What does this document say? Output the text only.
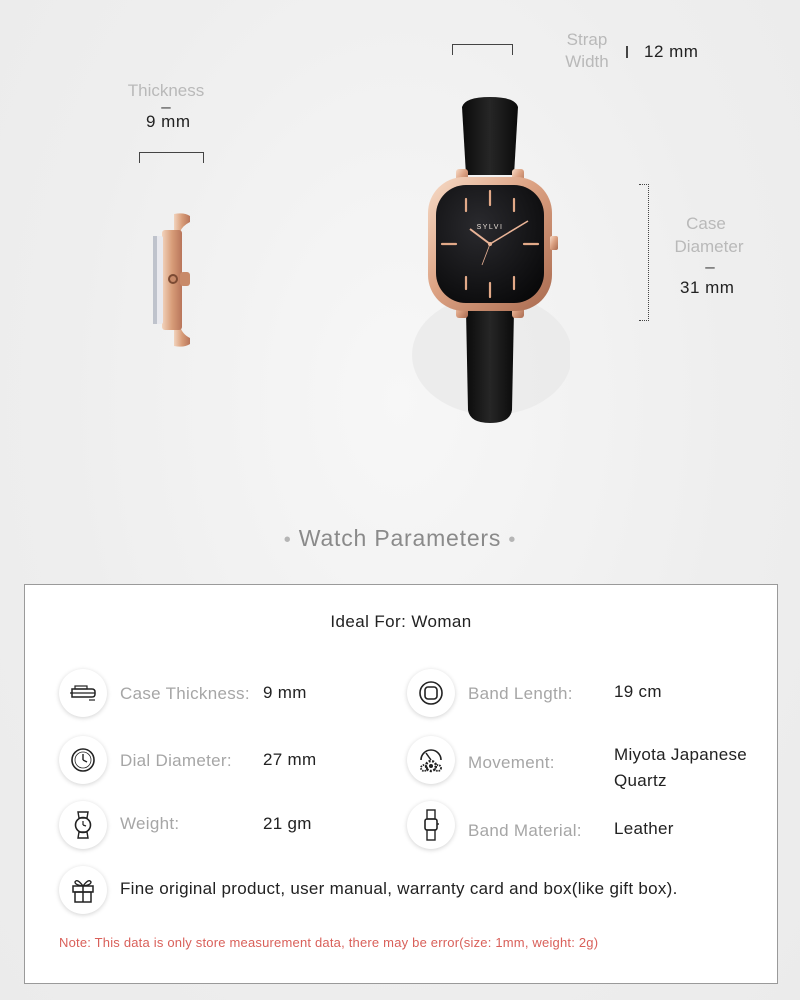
Thickness
–
9 mm
Strap
Width
12 mm
Case
Diameter
–
31 mm
SYLVI
• Watch Parameters •
Ideal For: Woman
Case Thickness: 9 mm	Band Length: 19 cm
Dial Diameter: 27 mm	Movement:	Miyota Japanese
Quartz
Weight:	21 gm	Band Material: Leather
Fine original product, user manual, warranty card and box(like gift box).
Note: This data is only store measurement data, there may be error(size: 1mm, weight: 2g)
